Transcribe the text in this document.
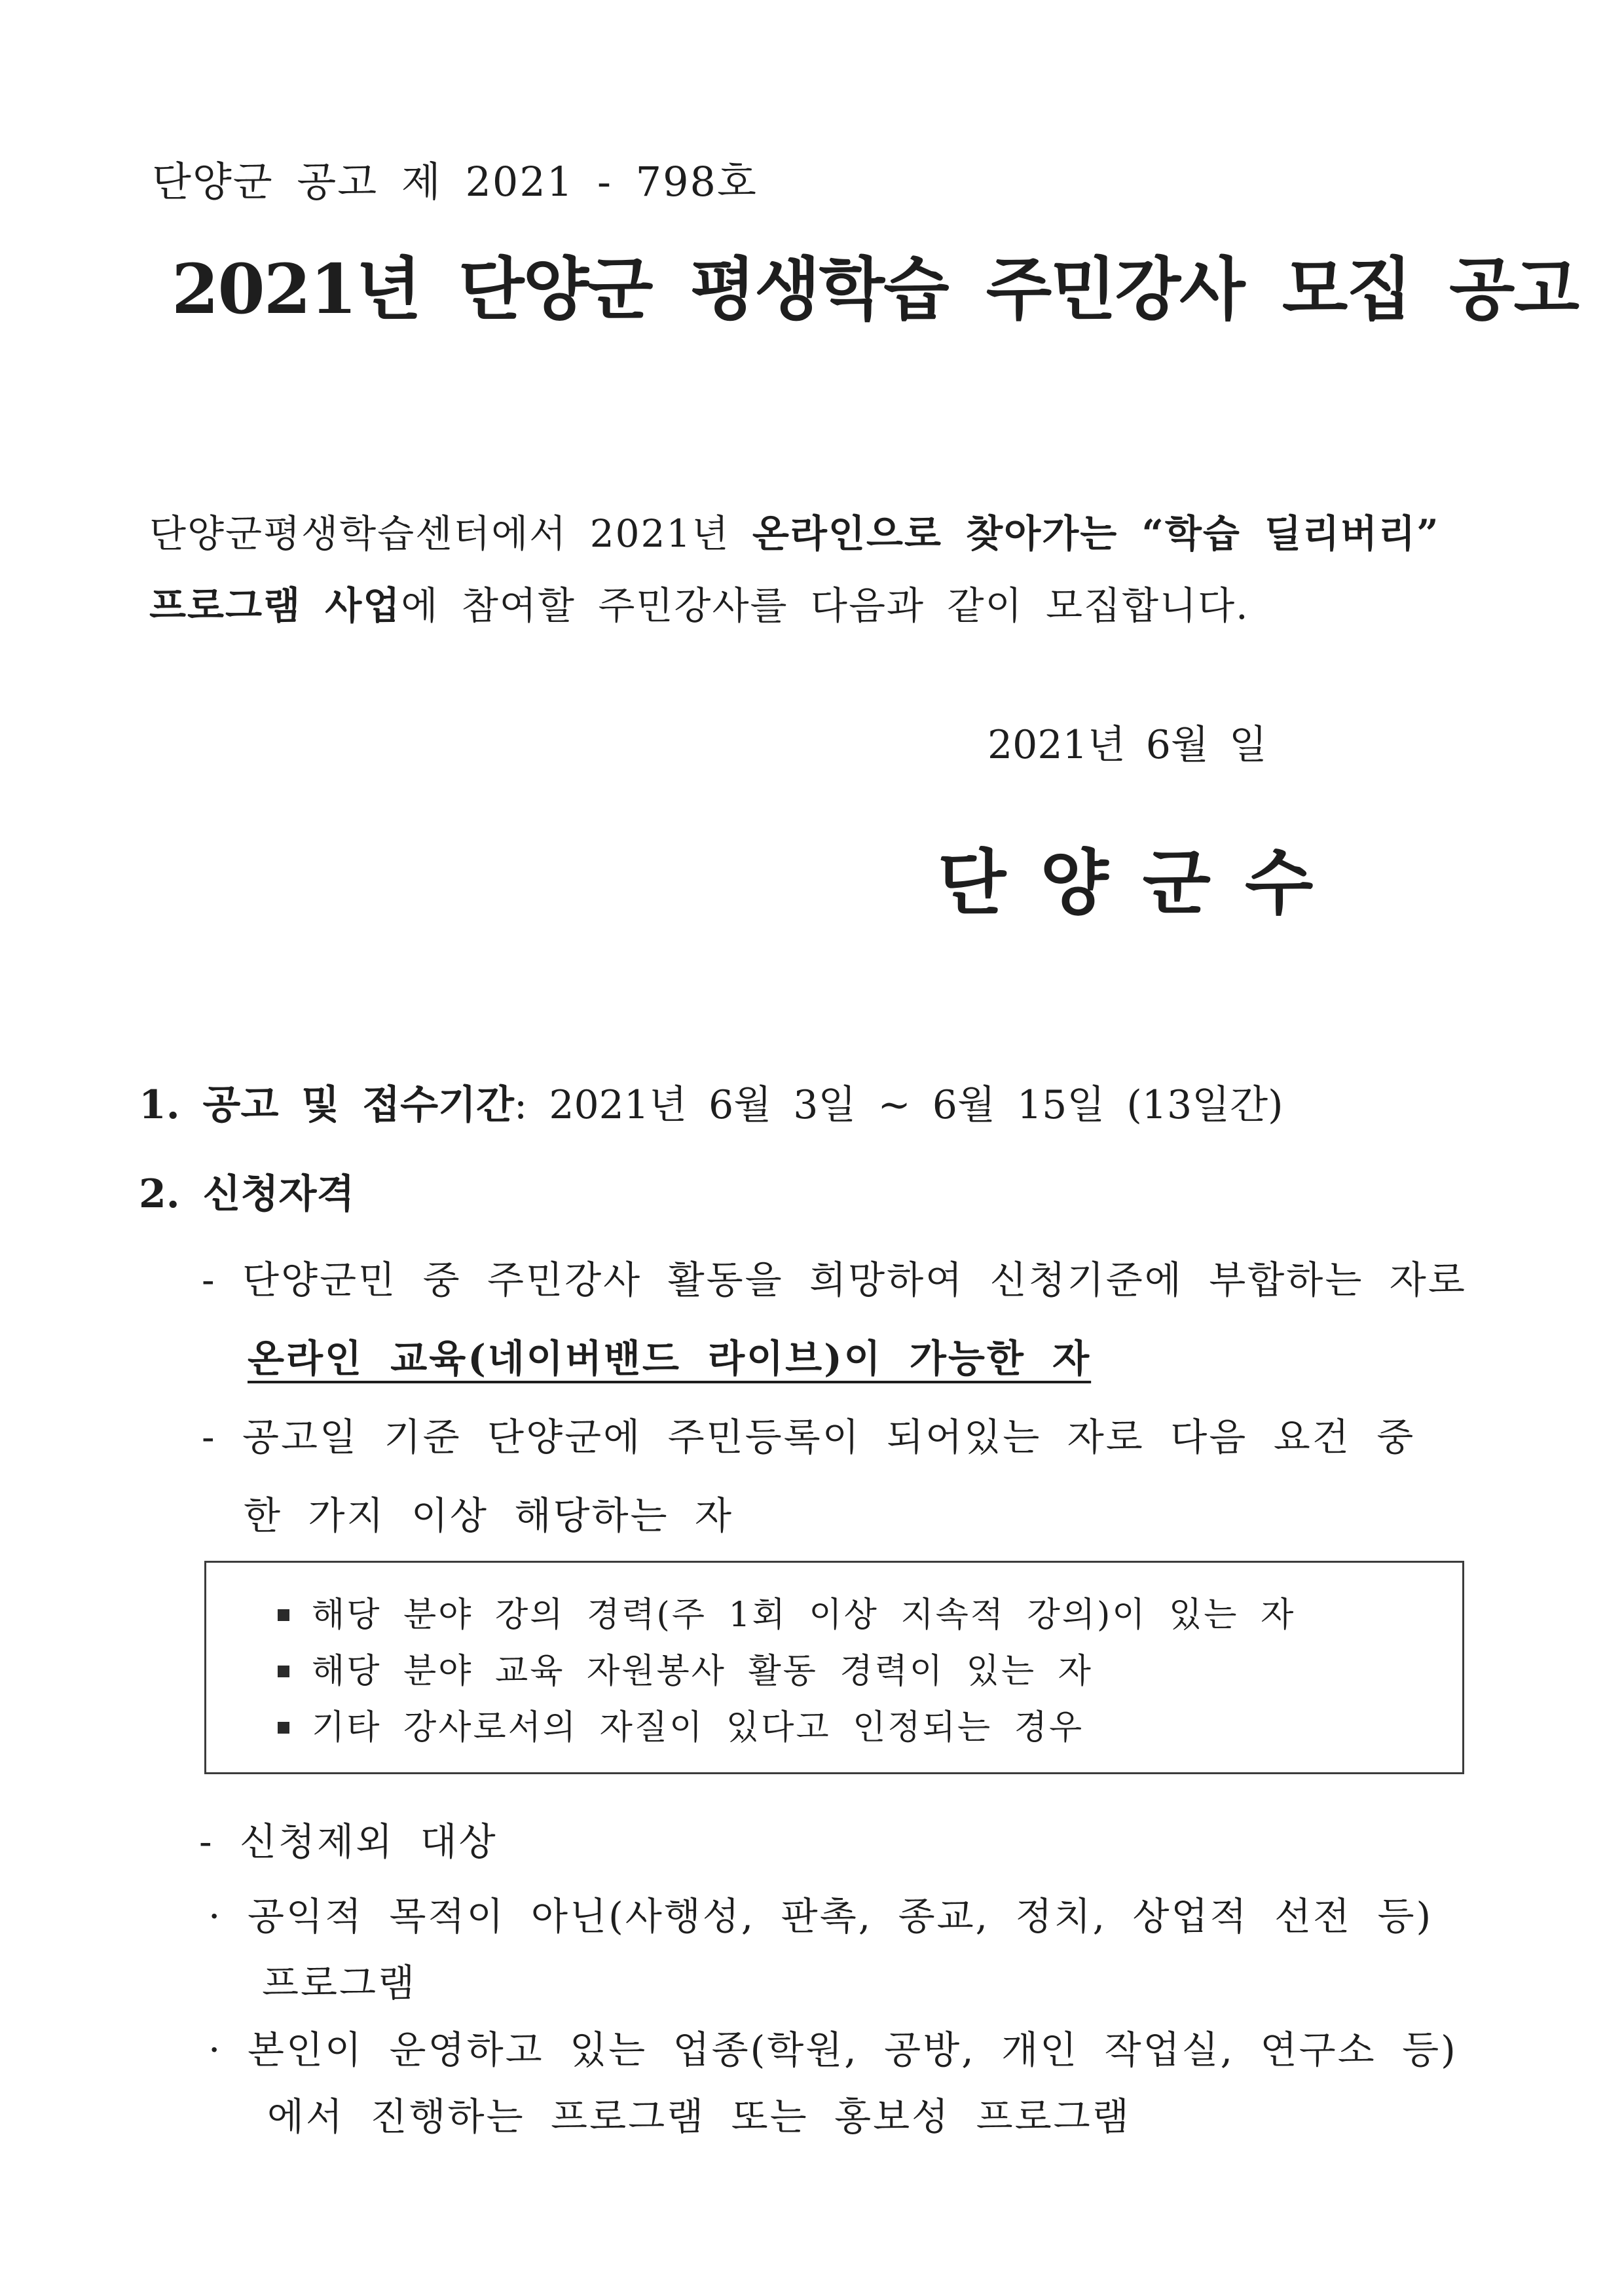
단양군 공고 제 2021 - 798호
2021년 단양군 평생학습 주민강사 모집 공고
단양군평생학습센터에서 2021년 온라인으로 찾아가는 “학습 딜리버리”
프로그램 사업에 참여할 주민강사를 다음과 같이 모집합니다.
2021년 6월 일
단양군수
1. 공고 및 접수기간: 2021년 6월 3일 ~ 6월 15일 (13일간)
2. 신청자격
- 단양군민 중 주민강사 활동을 희망하여 신청기준에 부합하는 자로
온라인 교육(네이버밴드 라이브)이 가능한 자
- 공고일 기준 단양군에 주민등록이 되어있는 자로 다음 요건 중
한 가지 이상 해당하는 자
해당 분야 강의 경력(주 1회 이상 지속적 강의)이 있는 자
해당 분야 교육 자원봉사 활동 경력이 있는 자
기타 강사로서의 자질이 있다고 인정되는 경우
- 신청제외 대상
· 공익적 목적이 아닌(사행성, 판촉, 종교, 정치, 상업적 선전 등)
프로그램
· 본인이 운영하고 있는 업종(학원, 공방, 개인 작업실, 연구소 등)
에서 진행하는 프로그램 또는 홍보성 프로그램
